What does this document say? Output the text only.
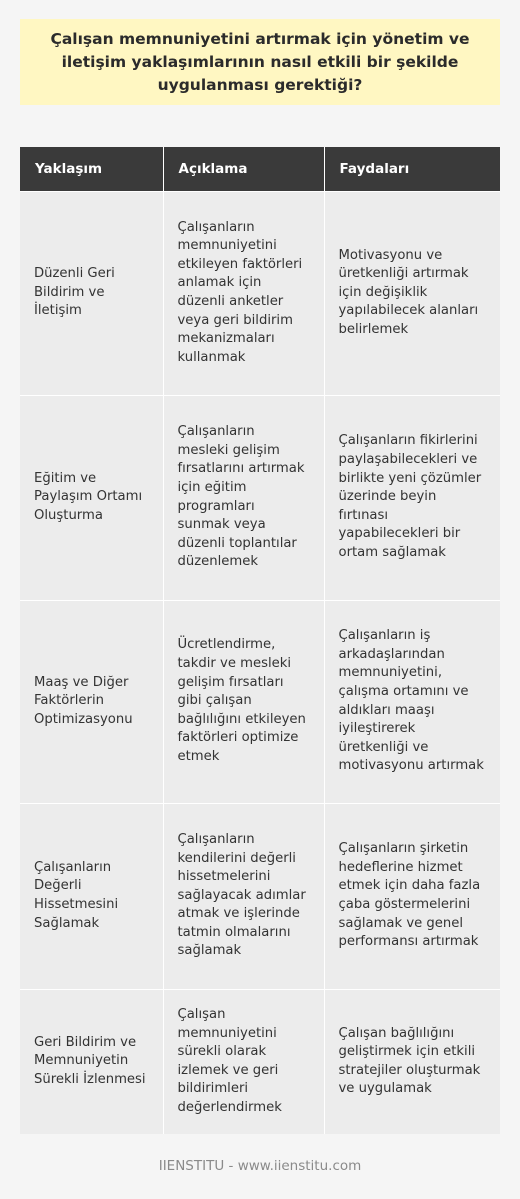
Çalışan memnuniyetini artırmak için yönetim ve iletişim yaklaşımlarının nasıl etkili bir şekilde uygulanması gerektiği?
Yaklaşım	Açıklama	Faydaları
Düzenli Geri Bildirim ve İletişim	Çalışanların memnuniyetini etkileyen faktörleri anlamak için düzenli anketler veya geri bildirim mekanizmaları kullanmak	Motivasyonu ve üretkenliği artırmak için değişiklik yapılabilecek alanları belirlemek
Eğitim ve Paylaşım Ortamı Oluşturma	Çalışanların mesleki gelişim fırsatlarını artırmak için eğitim programları sunmak veya düzenli toplantılar düzenlemek	Çalışanların fikirlerini paylaşabilecekleri ve birlikte yeni çözümler üzerinde beyin fırtınası yapabilecekleri bir ortam sağlamak
Maaş ve Diğer Faktörlerin Optimizasyonu	Ücretlendirme, takdir ve mesleki gelişim fırsatları gibi çalışan bağlılığını etkileyen faktörleri optimize etmek	Çalışanların iş arkadaşlarından memnuniyetini, çalışma ortamını ve aldıkları maaşı iyileştirerek üretkenliği ve motivasyonu artırmak
Çalışanların Değerli Hissetmesini Sağlamak	Çalışanların kendilerini değerli hissetmelerini sağlayacak adımlar atmak ve işlerinde tatmin olmalarını sağlamak	Çalışanların şirketin hedeflerine hizmet etmek için daha fazla çaba göstermelerini sağlamak ve genel performansı artırmak
Geri Bildirim ve Memnuniyetin Sürekli İzlenmesi	Çalışan memnuniyetini sürekli olarak izlemek ve geri bildirimleri değerlendirmek	Çalışan bağlılığını geliştirmek için etkili stratejiler oluşturmak ve uygulamak
IIENSTITU - www.iienstitu.com
